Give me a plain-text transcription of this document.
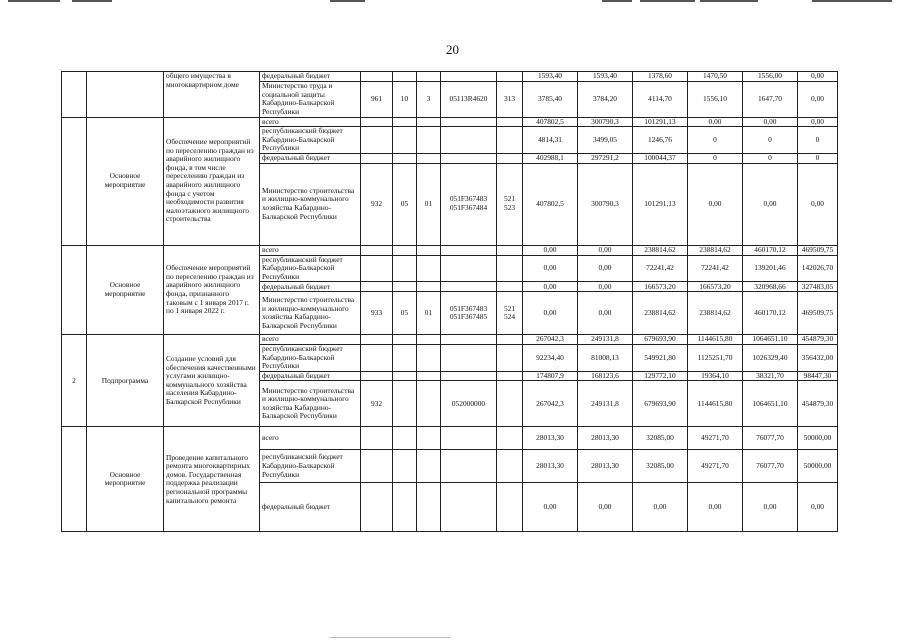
20
		общего имущества в многоквартирном доме	федеральный бюджет						1593,40	1593,40	1378,60	1470,50	1556,00	0,00
			Министерство труда и социальной защиты Кабардино-Балкарской Республики	961	10	3	05113R4620	313	3785,40	3784,20	4114,70	1556,10	1647,70	0,00
	Основное мероприятие	Обеспечение мероприятий по переселению граждан из аварийного жилищного фонда, в том числе переселению граждан из аварийного жилищного фонда с учетом необходимости развития малоэтажного жилищного строительства	всего						407802,5	300790,3	101291,13	0,00	0,00	0,00
			республиканский бюджет Кабардино-Балкарской Республики						4814,31	3499,05	1246,76	0	0	0
			федеральный бюджет						402988,1	297291,2	100044,37	0	0	0
			Министерство строительства и жилищно-коммунального хозяйства Кабардино-Балкарской Республики	932	05	01	051F367483 051F367484	521 523	407802,5	300790,3	101291,13	0,00	0,00	0,00
	Основное мероприятие	Обеспечение мероприятий по переселению граждан из аварийного жилищного фонда, признанного таковым с 1 января 2017 г. по 1 января 2022 г.	всего						0,00	0,00	238814,62	238814,62	460170,12	469509,75
			республиканский бюджет Кабардино-Балкарской Республики						0,00	0,00	72241,42	72241,42	139201,46	142026,70
			федеральный бюджет						0,00	0,00	166573,20	166573,20	320968,66	327483,05
			Министерство строительства и жилищно-коммунального хозяйства Кабардино-Балкарской Республики	933	05	01	051F367483 051F367485	521 524	0,00	0,00	238814,62	238814,62	460170,12	469509,75
2	Подпрограмма	Создание условий для обеспечения качественными услугами жилищно-коммунального хозяйства населения Кабардино-Балкарской Республики	всего						267042,3	249131,8	679693,90	1144615,80	1064651,10	454879,30
			республиканский бюджет Кабардино-Балкарской Республики						92234,40	81008,13	549921,80	1125251,70	1026329,40	356432,00
			федеральный бюджет						174807,9	168123,6	129772,10	19364,10	38321,70	98447,30
			Министерство строительства и жилищно-коммунального хозяйства Кабардино-Балкарской Республики	932			052000000		267042,3	249131,8	679693,90	1144615,80	1064651,10	454879,30
	Основное мероприятие	Проведение капитального ремонта многоквартирных домов. Государственная поддержка реализации региональной программы капитального ремонта	всего						28013,30	28013,30	32085,00	49271,70	76077,70	50000,00
			республиканский бюджет Кабардино-Балкарской Республики						28013,30	28013,30	32085,00	49271,70	76077,70	50000,00
			федеральный бюджет						0,00	0,00	0,00	0,00	0,00	0,00
